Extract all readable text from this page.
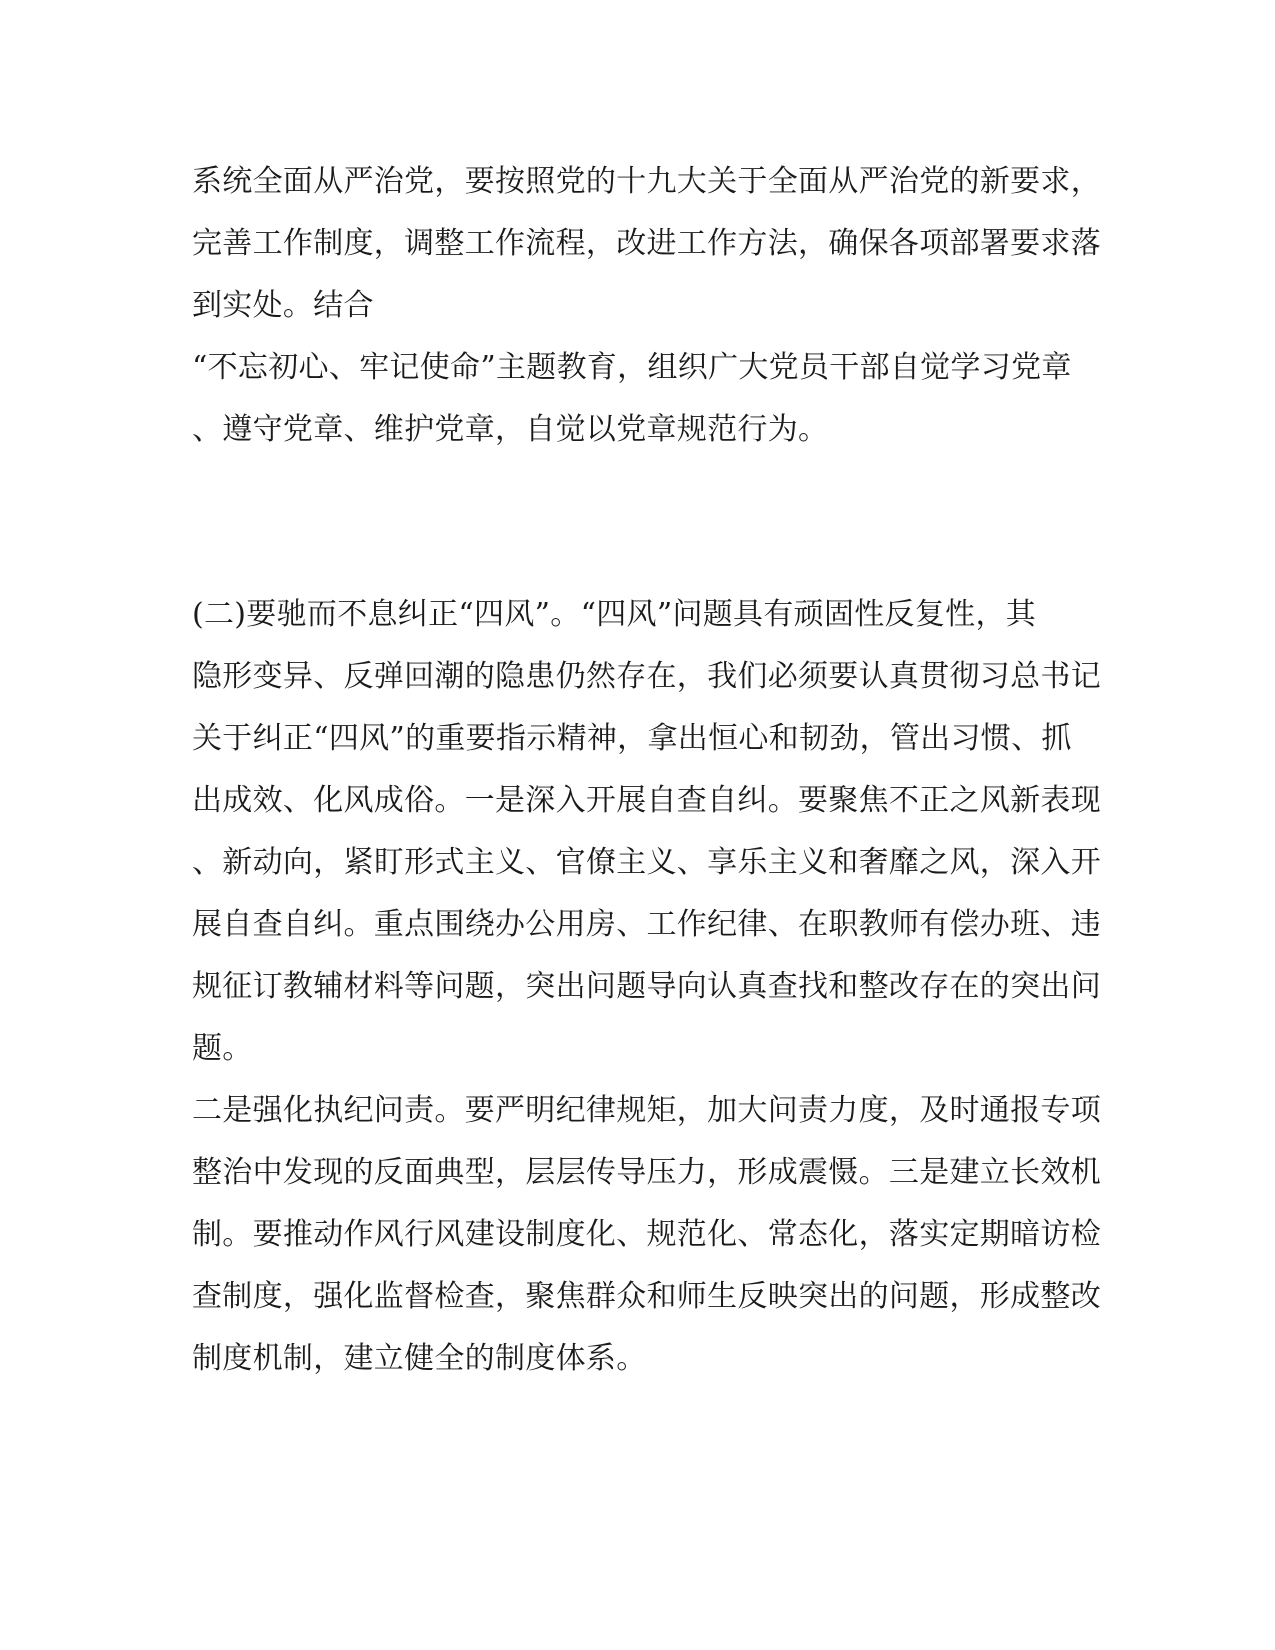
系统全面从严治党，要按照党的十九大关于全面从严治党的新要求，
完善工作制度，调整工作流程，改进工作方法，确保各项部署要求落
到实处。结合
“不忘初心、牢记使命”主题教育，组织广大党员干部自觉学习党章
、遵守党章、维护党章，自觉以党章规范行为。
(二)要驰而不息纠正“四风”。“四风”问题具有顽固性反复性，其
隐形变异、反弹回潮的隐患仍然存在，我们必须要认真贯彻习总书记
关于纠正“四风”的重要指示精神，拿出恒心和韧劲，管出习惯、抓
出成效、化风成俗。一是深入开展自查自纠。要聚焦不正之风新表现
、新动向，紧盯形式主义、官僚主义、享乐主义和奢靡之风，深入开
展自查自纠。重点围绕办公用房、工作纪律、在职教师有偿办班、违
规征订教辅材料等问题，突出问题导向认真查找和整改存在的突出问
题。
二是强化执纪问责。要严明纪律规矩，加大问责力度，及时通报专项
整治中发现的反面典型，层层传导压力，形成震慑。三是建立长效机
制。要推动作风行风建设制度化、规范化、常态化，落实定期暗访检
查制度，强化监督检查，聚焦群众和师生反映突出的问题，形成整改
制度机制，建立健全的制度体系。
